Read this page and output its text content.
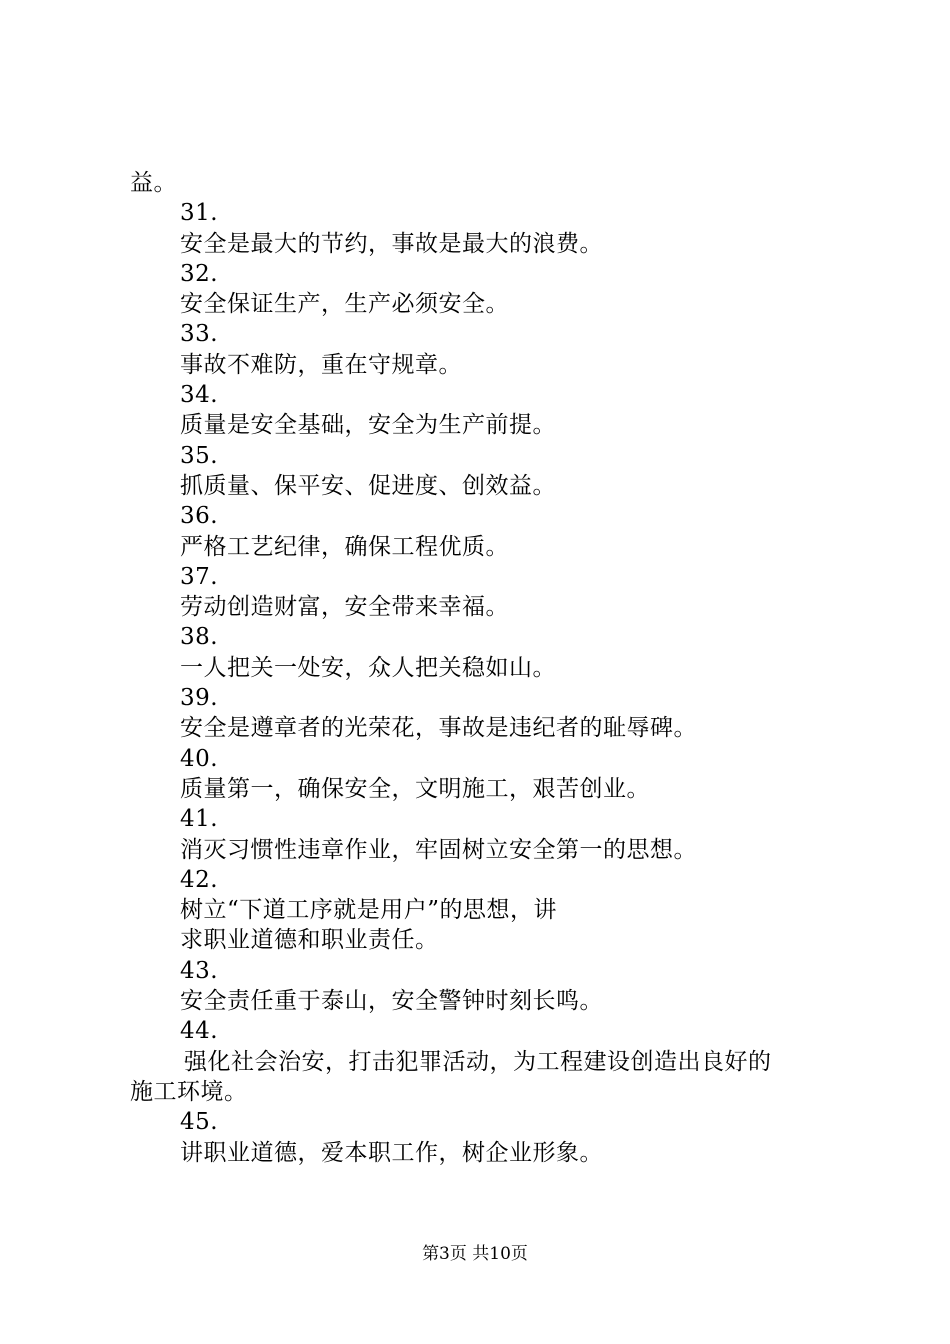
益。
31.
安全是最大的节约，事故是最大的浪费。
32.
安全保证生产，生产必须安全。
33.
事故不难防，重在守规章。
34.
质量是安全基础，安全为生产前提。
35.
抓质量、保平安、促进度、创效益。
36.
严格工艺纪律，确保工程优质。
37.
劳动创造财富，安全带来幸福。
38.
一人把关一处安，众人把关稳如山。
39.
安全是遵章者的光荣花，事故是违纪者的耻辱碑。
40.
质量第一，确保安全，文明施工，艰苦创业。
41.
消灭习惯性违章作业，牢固树立安全第一的思想。
42.
树立“下道工序就是用户”的思想，讲
求职业道德和职业责任。
43.
安全责任重于泰山，安全警钟时刻长鸣。
44.
强化社会治安，打击犯罪活动，为工程建设创造出良好的
施工环境。
45.
讲职业道德，爱本职工作，树企业形象。
第3页 共10页
